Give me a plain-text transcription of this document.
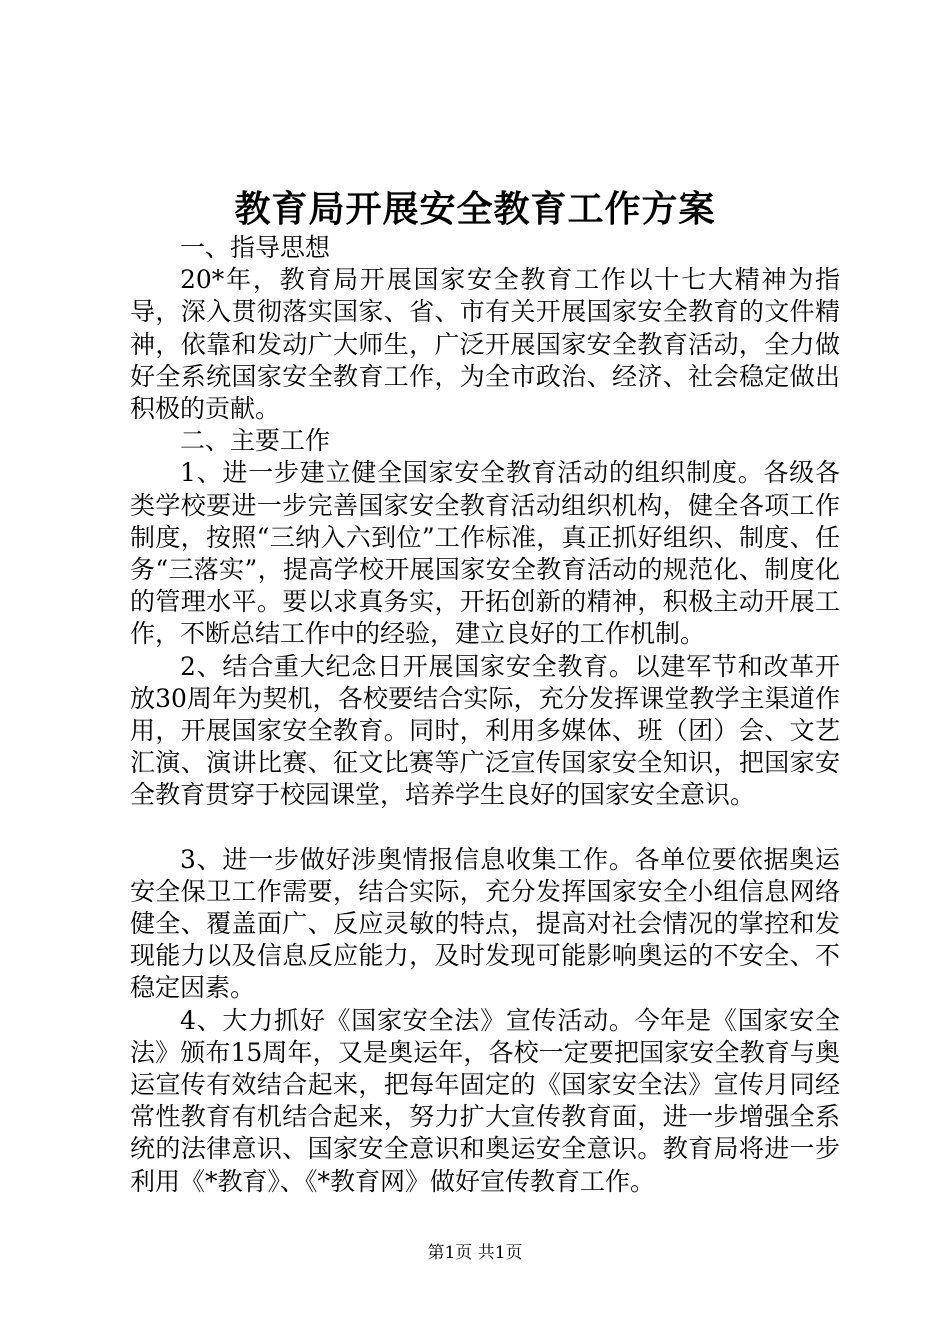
教育局开展安全教育工作方案

一、指导思想

20*年，教育局开展国家安全教育工作以十七大精神为指导，深入贯彻落实国家、省、市有关开展国家安全教育的文件精神，依靠和发动广大师生，广泛开展国家安全教育活动，全力做好全系统国家安全教育工作，为全市政治、经济、社会稳定做出积极的贡献。

二、主要工作

1、进一步建立健全国家安全教育活动的组织制度。各级各类学校要进一步完善国家安全教育活动组织机构，健全各项工作制度，按照“三纳入六到位”工作标准，真正抓好组织、制度、任务“三落实”，提高学校开展国家安全教育活动的规范化、制度化的管理水平。要以求真务实，开拓创新的精神，积极主动开展工作，不断总结工作中的经验，建立良好的工作机制。

2、结合重大纪念日开展国家安全教育。以建军节和改革开放30周年为契机，各校要结合实际，充分发挥课堂教学主渠道作用，开展国家安全教育。同时，利用多媒体、班（团）会、文艺汇演、演讲比赛、征文比赛等广泛宣传国家安全知识，把国家安全教育贯穿于校园课堂，培养学生良好的国家安全意识。

3、进一步做好涉奥情报信息收集工作。各单位要依据奥运安全保卫工作需要，结合实际，充分发挥国家安全小组信息网络健全、覆盖面广、反应灵敏的特点，提高对社会情况的掌控和发现能力以及信息反应能力，及时发现可能影响奥运的不安全、不稳定因素。

4、大力抓好《国家安全法》宣传活动。今年是《国家安全法》颁布15周年，又是奥运年，各校一定要把国家安全教育与奥运宣传有效结合起来，把每年固定的《国家安全法》宣传月同经常性教育有机结合起来，努力扩大宣传教育面，进一步增强全系统的法律意识、国家安全意识和奥运安全意识。教育局将进一步利用《*教育》、《*教育网》做好宣传教育工作。

第1页 共1页
